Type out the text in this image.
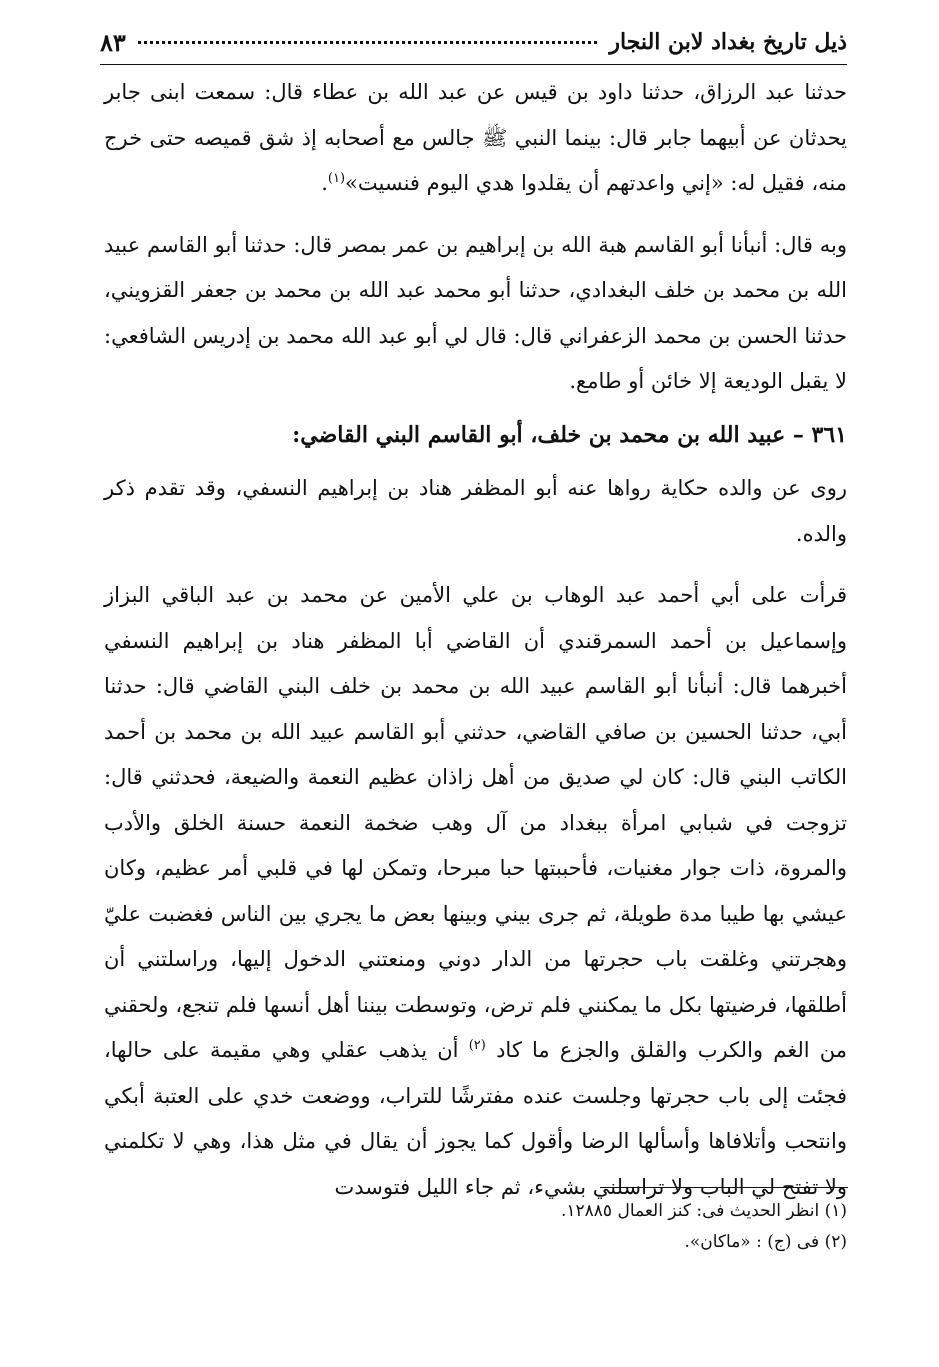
ذيل تاريخ بغداد لابن النجار
٨٣

حدثنا عبد الرزاق، حدثنا داود بن قيس عن عبد الله بن عطاء قال: سمعت ابنى جابر يحدثان عن أبيهما جابر قال: بينما النبي ﷺ جالس مع أصحابه إذ شق قميصه حتى خرج منه، فقيل له: «إني واعدتهم أن يقلدوا هدي اليوم فنسيت»$^{(١)}$.

وبه قال: أنبأنا أبو القاسم هبة الله بن إبراهيم بن عمر بمصر قال: حدثنا أبو القاسم عبيد الله بن محمد بن خلف البغدادي، حدثنا أبو محمد عبد الله بن محمد بن جعفر القزويني، حدثنا الحسن بن محمد الزعفراني قال: قال لي أبو عبد الله محمد بن إدريس الشافعي: لا يقبل الوديعة إلا خائن أو طامع.

٣٦١ – عبيد الله بن محمد بن خلف، أبو القاسم البني القاضي:

روى عن والده حكاية رواها عنه أبو المظفر هناد بن إبراهيم النسفي، وقد تقدم ذكر والده.

قرأت على أبي أحمد عبد الوهاب بن علي الأمين عن محمد بن عبد الباقي البزاز وإسماعيل بن أحمد السمرقندي أن القاضي أبا المظفر هناد بن إبراهيم النسفي أخبرهما قال: أنبأنا أبو القاسم عبيد الله بن محمد بن خلف البني القاضي قال: حدثنا أبي، حدثنا الحسين بن صافي القاضي، حدثني أبو القاسم عبيد الله بن محمد بن أحمد الكاتب البني قال: كان لي صديق من أهل زاذان عظيم النعمة والضيعة، فحدثني قال: تزوجت في شبابي امرأة ببغداد من آل وهب ضخمة النعمة حسنة الخلق والأدب والمروة، ذات جوار مغنيات، فأحببتها حبا مبرحا، وتمكن لها في قلبي أمر عظيم، وكان عيشي بها طيبا مدة طويلة، ثم جرى بيني وبينها بعض ما يجري بين الناس فغضبت عليّ وهجرتني وغلقت باب حجرتها من الدار دوني ومنعتني الدخول إليها، وراسلتني أن أطلقها، فرضيتها بكل ما يمكنني فلم ترض، وتوسطت بيننا أهل أنسها فلم تنجع، ولحقني من الغم والكرب والقلق والجزع ما كاد $^{(٢)}$ أن يذهب عقلي وهي مقيمة على حالها، فجئت إلى باب حجرتها وجلست عنده مفترشًا للتراب، ووضعت خدي على العتبة أبكي وانتحب وأتلافاها وأسألها الرضا وأقول كما يجوز أن يقال في مثل هذا، وهي لا تكلمني ولا تفتح لي الباب ولا تراسلني بشيء، ثم جاء الليل فتوسدت

(١) انظر الحديث فى: كنز العمال ١٢٨٨٥.

(٢) فى (ج) : «ماكان».
